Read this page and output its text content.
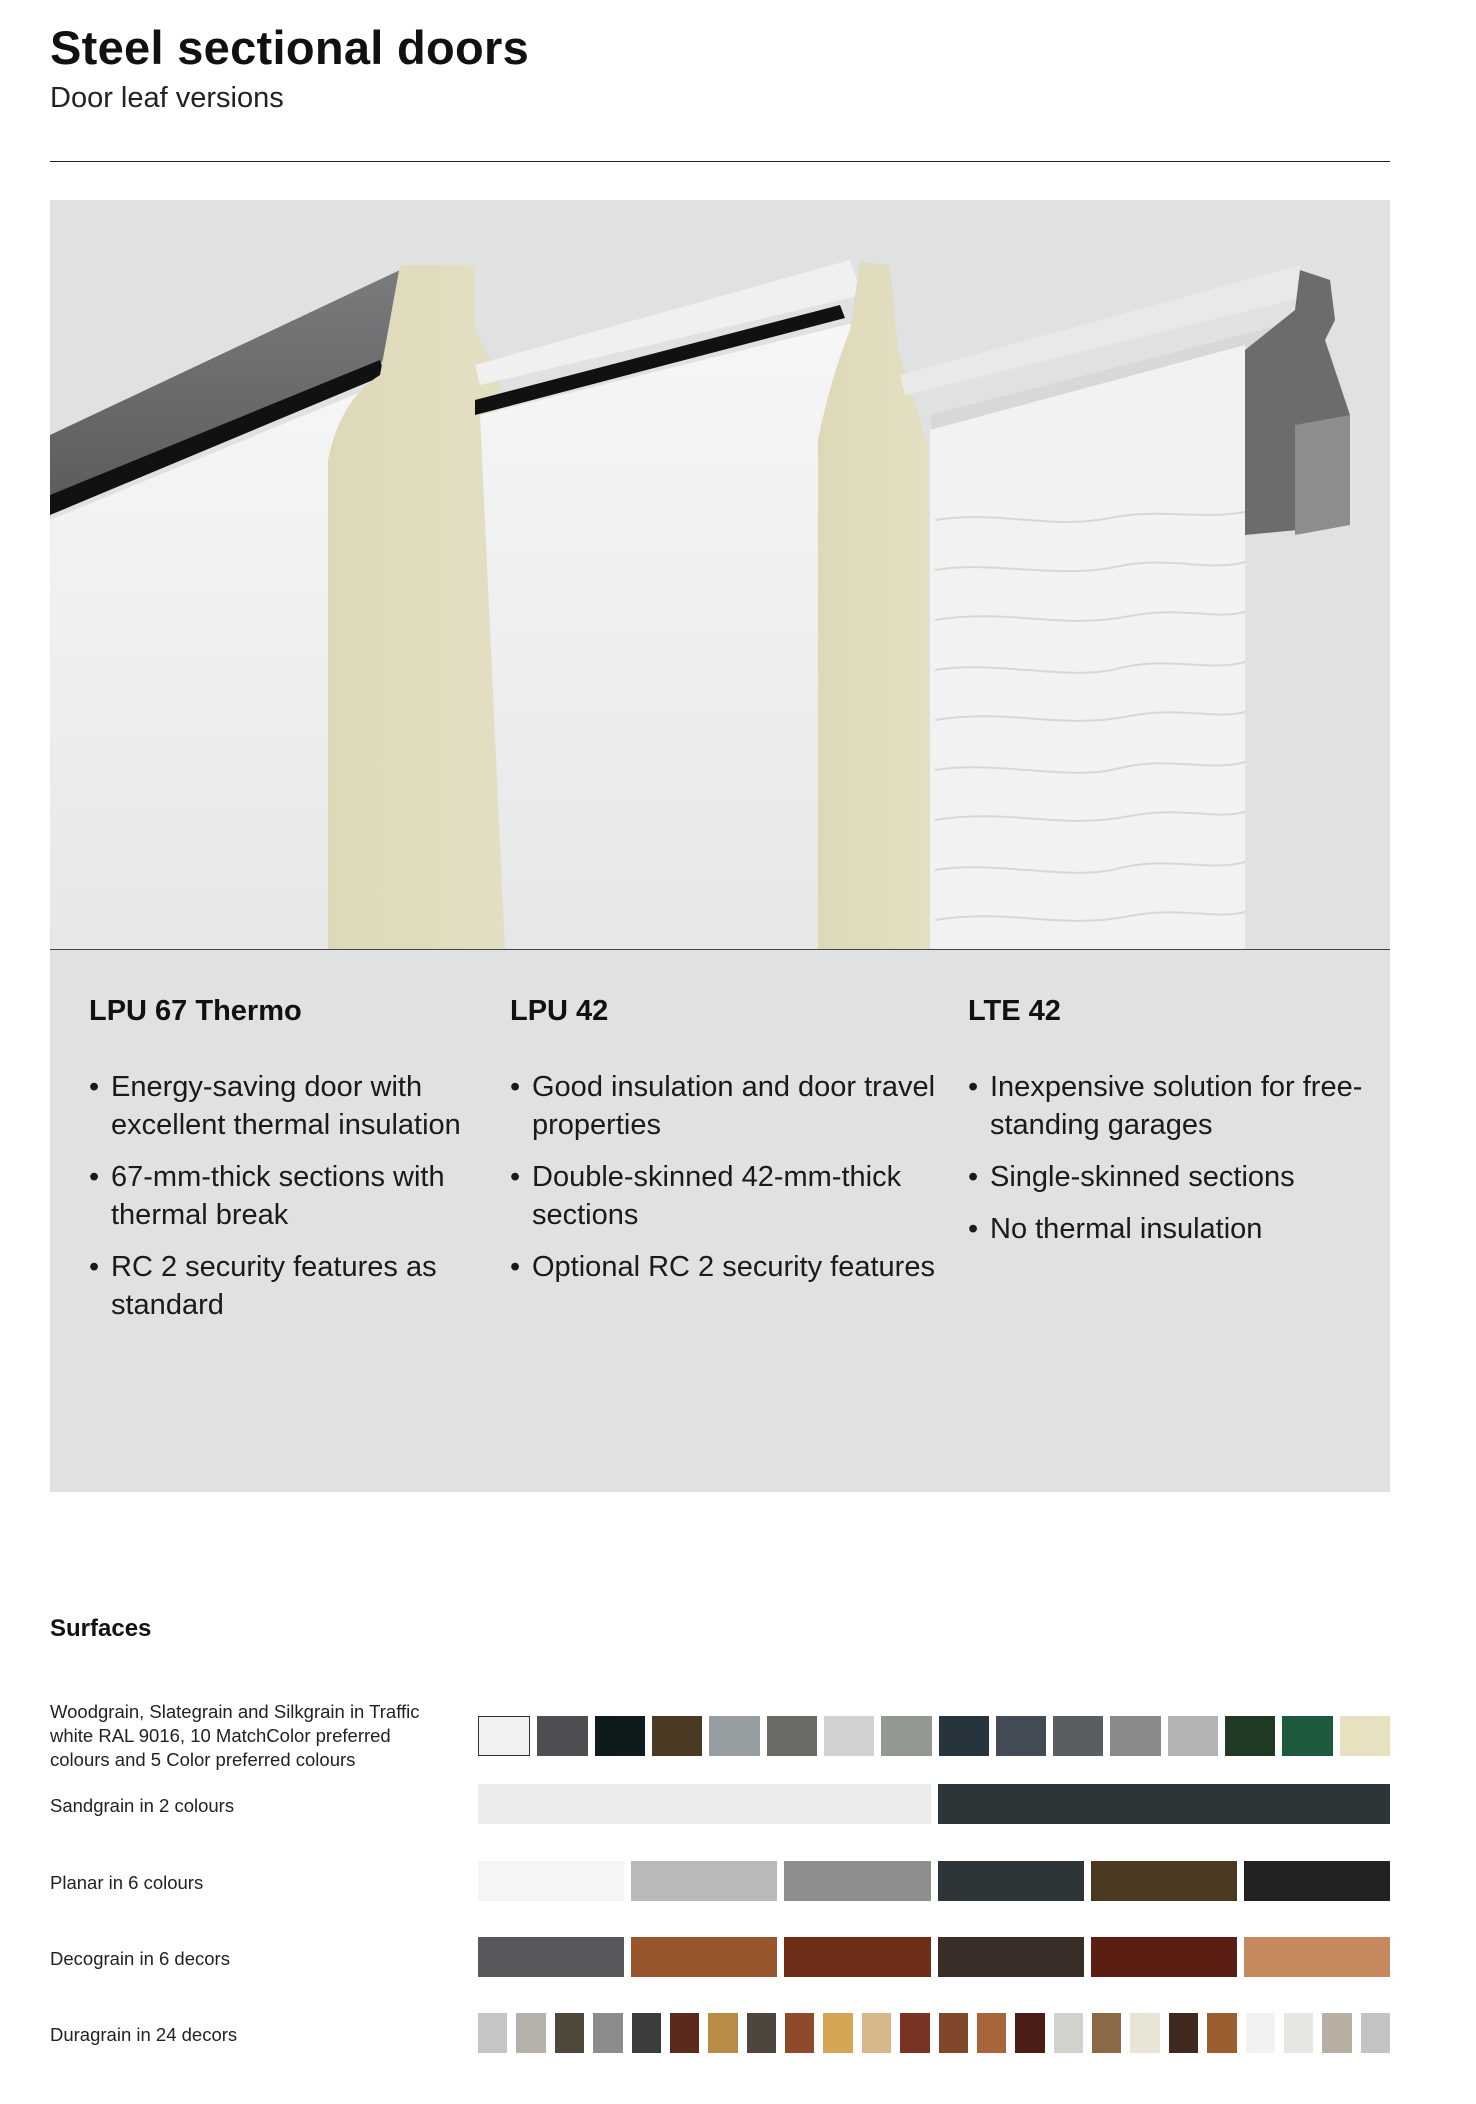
Steel sectional doors
Door leaf versions
LPU 67 Thermo
• Energy-saving door with excellent thermal insulation
• 67-mm-thick sections with thermal break
• RC 2 security features as standard
LPU 42
• Good insulation and door travel properties
• Double-skinned 42-mm-thick sections
• Optional RC 2 security features
LTE 42
• Inexpensive solution for free-standing garages
• Single-skinned sections
• No thermal insulation
Surfaces
Woodgrain, Slategrain and Silkgrain in Traffic white RAL 9016, 10 MatchColor preferred colours and 5 Color preferred colours
Sandgrain in 2 colours
Planar in 6 colours
Decograin in 6 decors
Duragrain in 24 decors
